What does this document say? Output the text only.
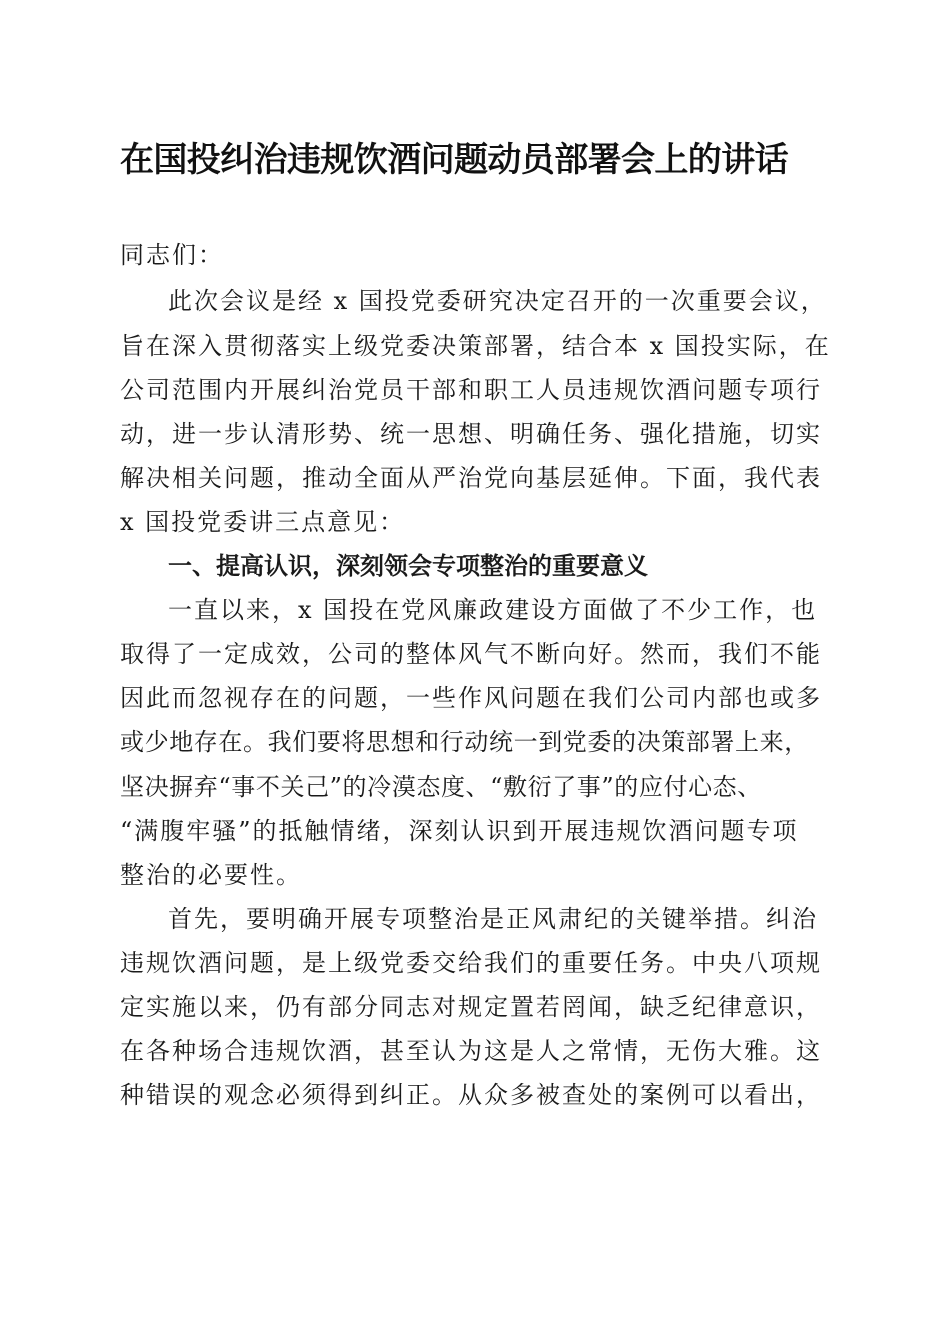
在国投纠治违规饮酒问题动员部署会上的讲话

同志们：

此次会议是经 x 国投党委研究决定召开的一次重要会议，

旨在深入贯彻落实上级党委决策部署，结合本 x 国投实际，在

公司范围内开展纠治党员干部和职工人员违规饮酒问题专项行

动，进一步认清形势、统一思想、明确任务、强化措施，切实

解决相关问题，推动全面从严治党向基层延伸。下面，我代表

x 国投党委讲三点意见：

一、提高认识，深刻领会专项整治的重要意义

一直以来，x 国投在党风廉政建设方面做了不少工作，也

取得了一定成效，公司的整体风气不断向好。然而，我们不能

因此而忽视存在的问题，一些作风问题在我们公司内部也或多

或少地存在。我们要将思想和行动统一到党委的决策部署上来，

坚决摒弃“事不关己”的冷漠态度、“敷衍了事”的应付心态、

“满腹牢骚”的抵触情绪，深刻认识到开展违规饮酒问题专项

整治的必要性。

首先，要明确开展专项整治是正风肃纪的关键举措。纠治

违规饮酒问题，是上级党委交给我们的重要任务。中央八项规

定实施以来，仍有部分同志对规定置若罔闻，缺乏纪律意识，

在各种场合违规饮酒，甚至认为这是人之常情，无伤大雅。这

种错误的观念必须得到纠正。从众多被查处的案例可以看出，
